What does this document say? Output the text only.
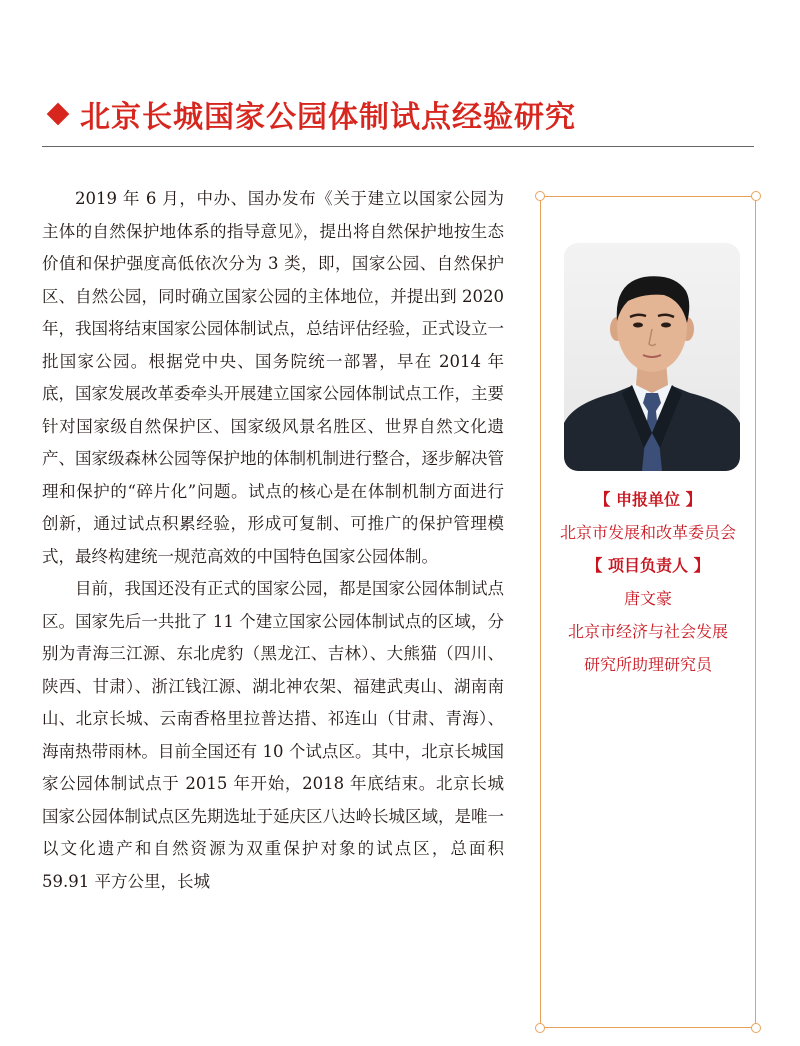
北京长城国家公园体制试点经验研究

2019 年 6 月，中办、国办发布《关于建立以国家公园为主体的自然保护地体系的指导意见》，提出将自然保护地按生态价值和保护强度高低依次分为 3 类，即，国家公园、自然保护区、自然公园，同时确立国家公园的主体地位，并提出到 2020 年，我国将结束国家公园体制试点，总结评估经验，正式设立一批国家公园。根据党中央、国务院统一部署，早在 2014 年底，国家发展改革委牵头开展建立国家公园体制试点工作，主要针对国家级自然保护区、国家级风景名胜区、世界自然文化遗产、国家级森林公园等保护地的体制机制进行整合，逐步解决管理和保护的“碎片化”问题。试点的核心是在体制机制方面进行创新，通过试点积累经验，形成可复制、可推广的保护管理模式，最终构建统一规范高效的中国特色国家公园体制。

目前，我国还没有正式的国家公园，都是国家公园体制试点区。国家先后一共批了 11 个建立国家公园体制试点的区域，分别为青海三江源、东北虎豹（黑龙江、吉林）、大熊猫（四川、陕西、甘肃）、浙江钱江源、湖北神农架、福建武夷山、湖南南山、北京长城、云南香格里拉普达措、祁连山（甘肃、青海）、海南热带雨林。目前全国还有 10 个试点区。其中，北京长城国家公园体制试点于 2015 年开始，2018 年底结束。北京长城国家公园体制试点区先期选址于延庆区八达岭长城区域，是唯一以文化遗产和自然资源为双重保护对象的试点区，总面积 59.91 平方公里，长城

【 申报单位 】
北京市发展和改革委员会
【 项目负责人 】
唐文豪
北京市经济与社会发展
研究所助理研究员
